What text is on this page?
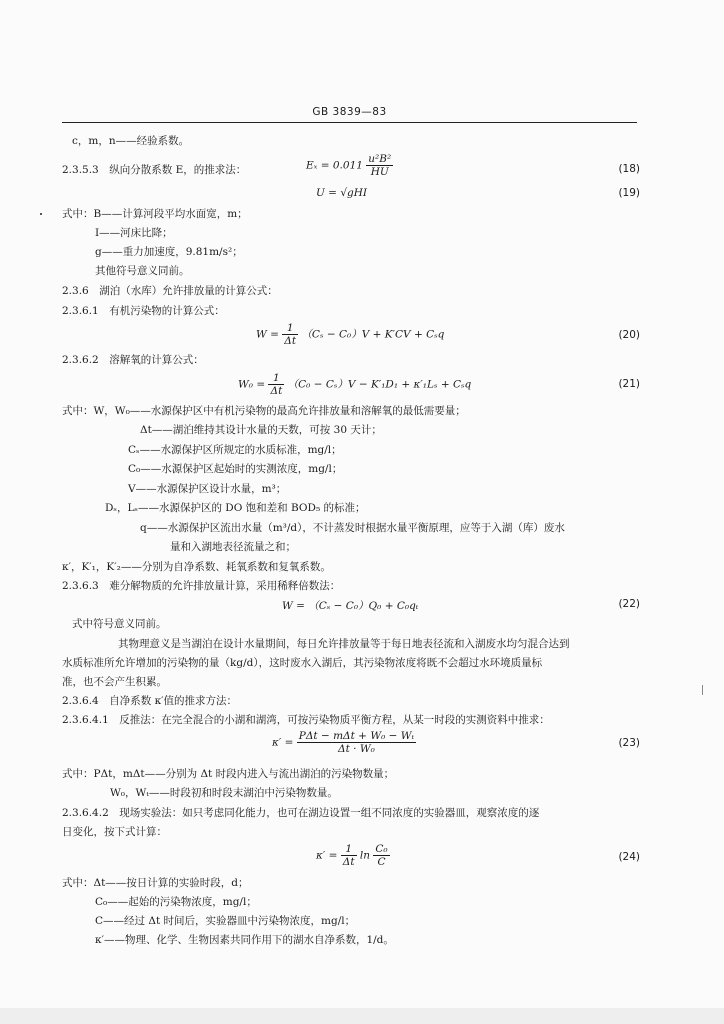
GB 3839—83
c，m，n——经验系数。
2.3.5.3　纵向分散系数 E，的推求法：	$E_x = 0.011 \frac{\text{u²B²}}{HU}$	(18)
U = √gHI	(19)
式中：B——计算河段平均水面宽，m；
I——河床比降；
g——重力加速度，9.81m/s²；
其他符号意义同前。
2.3.6　湖泊（水库）允许排放量的计算公式：
2.3.6.1　有机污染物的计算公式：
$W = \frac{1}{\Delta t} (C_s - C_0)V + K'CV + C_sq$	(20)
2.3.6.2　溶解氧的计算公式：
$W_0 = \frac{1}{\Delta t} (C_0 - C_s)V - K'_1D_1 + \kappa'_1L_s + C_sq$	(21)
式中：W，W₀——水源保护区中有机污染物的最高允许排放量和溶解氧的最低需要量；
Δt——湖泊维持其设计水量的天数，可按 30 天计；
Cₛ——水源保护区所规定的水质标准，mg/l；
C₀——水源保护区起始时的实测浓度，mg/l；
V——水源保护区设计水量，m³；
Dₛ，Lₛ——水源保护区的 DO 饱和差和 BOD₅ 的标准；
q——水源保护区流出水量（m³/d），不计蒸发时根据水量平衡原理，应等于入湖（库）废水
量和入湖地表径流量之和；
κ′，K′₁，K′₂——分别为自净系数、耗氧系数和复氧系数。
2.3.6.3　难分解物质的允许排放量计算，采用稀释倍数法：
W = （Cₛ − C₀）Q₀ + C₀qₜ	(22)
式中符号意义同前。
其物理意义是当湖泊在设计水量期间，每日允许排放量等于每日地表径流和入湖废水均匀混合达到
水质标准所允许增加的污染物的量（kg/d），这时废水入湖后，其污染物浓度将既不会超过水环境质量标
准，也不会产生积累。
2.3.6.4　自净系数 κ′值的推求方法：
2.3.6.4.1　反推法：在完全混合的小湖和湖湾，可按污染物质平衡方程，从某一时段的实测资料中推求：
$\kappa' = \frac{\text{PΔt − mΔt + W₀ − Wₜ}}{\text{Δt · W₀}}$	(23)
式中：PΔt，mΔt——分别为 Δt 时段内进入与流出湖泊的污染物数量；
W₀，Wₜ——时段初和时段末湖泊中污染物数量。
2.3.6.4.2　现场实验法：如只考虑同化能力，也可在湖边设置一组不同浓度的实验器皿，观察浓度的逐
日变化，按下式计算：
$\kappa' = \frac{1}{\Delta t}$ $\ln \frac{\text{C₀}}{C}$	(24)
式中：Δt——按日计算的实验时段，d；
C₀——起始的污染物浓度，mg/l；
C——经过 Δt 时间后，实验器皿中污染物浓度，mg/l；
κ′——物理、化学、生物因素共同作用下的湖水自净系数，1/d。
